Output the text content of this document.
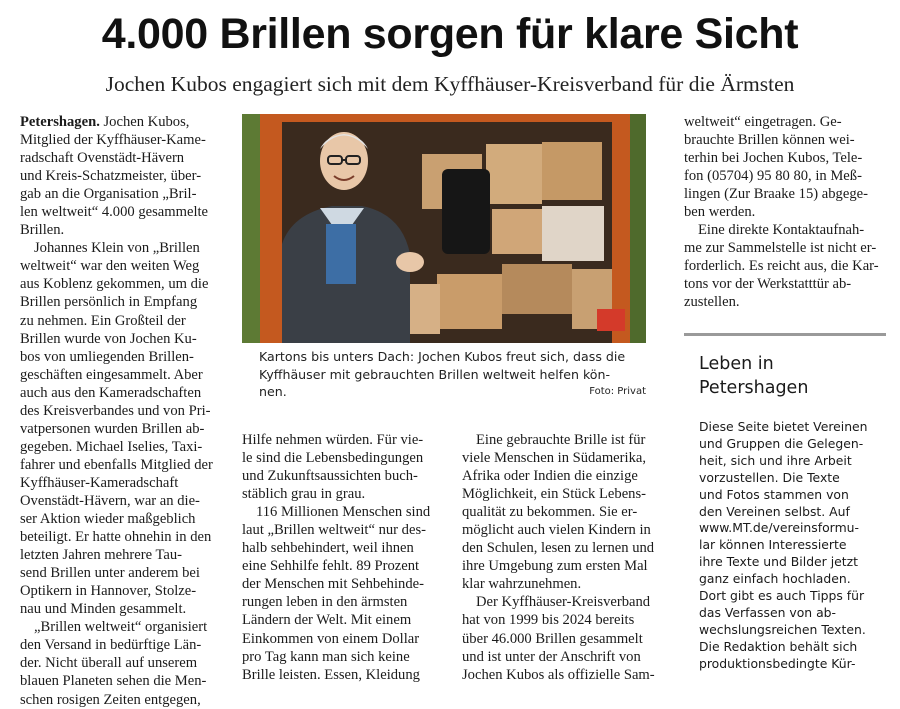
4.000 Brillen sorgen für klare Sicht
Jochen Kubos engagiert sich mit dem Kyffhäuser-Kreisverband für die Ärmsten

Petershagen. Jochen Kubos,
Mitglied der Kyffhäuser-Kame-
radschaft Ovenstädt-Hävern
und Kreis-Schatzmeister, über-
gab an die Organisation „Bril-
len weltweit“ 4.000 gesammelte
Brillen.

Johannes Klein von „Brillen
weltweit“ war den weiten Weg
aus Koblenz gekommen, um die
Brillen persönlich in Empfang
zu nehmen. Ein Großteil der
Brillen wurde von Jochen Ku-
bos von umliegenden Brillen-
geschäften eingesammelt. Aber
auch aus den Kameradschaften
des Kreisverbandes und von Pri-
vatpersonen wurden Brillen ab-
gegeben. Michael Iselies, Taxi-
fahrer und ebenfalls Mitglied der
Kyffhäuser-Kameradschaft
Ovenstädt-Hävern, war an die-
ser Aktion wieder maßgeblich
beteiligt. Er hatte ohnehin in den
letzten Jahren mehrere Tau-
send Brillen unter anderem bei
Optikern in Hannover, Stolze-
nau und Minden gesammelt.

„Brillen weltweit“ organisiert
den Versand in bedürftige Län-
der. Nicht überall auf unserem
blauen Planeten sehen die Men-
schen rosigen Zeiten entgegen,

Kartons bis unters Dach: Jochen Kubos freut sich, dass die
Kyffhäuser mit gebrauchten Brillen weltweit helfen kön-
nen.	Foto: Privat

Hilfe nehmen würden. Für vie-
le sind die Lebensbedingungen
und Zukunftsaussichten buch-
stäblich grau in grau.

116 Millionen Menschen sind
laut „Brillen weltweit“ nur des-
halb sehbehindert, weil ihnen
eine Sehhilfe fehlt. 89 Prozent
der Menschen mit Sehbehinde-
rungen leben in den ärmsten
Ländern der Welt. Mit einem
Einkommen von einem Dollar
pro Tag kann man sich keine
Brille leisten. Essen, Kleidung

Eine gebrauchte Brille ist für
viele Menschen in Südamerika,
Afrika oder Indien die einzige
Möglichkeit, ein Stück Lebens-
qualität zu bekommen. Sie er-
möglicht auch vielen Kindern in
den Schulen, lesen zu lernen und
ihre Umgebung zum ersten Mal
klar wahrzunehmen.

Der Kyffhäuser-Kreisverband
hat von 1999 bis 2024 bereits
über 46.000 Brillen gesammelt
und ist unter der Anschrift von
Jochen Kubos als offizielle Sam-

weltweit“ eingetragen. Ge-
brauchte Brillen können wei-
terhin bei Jochen Kubos, Tele-
fon (05704) 95 80 80, in Meß-
lingen (Zur Braake 15) abgege-
ben werden.

Eine direkte Kontaktaufnah-
me zur Sammelstelle ist nicht er-
forderlich. Es reicht aus, die Kar-
tons vor der Werkstatttür ab-
zustellen.

Leben in
Petershagen
Diese Seite bietet Vereinen
und Gruppen die Gelegen-
heit, sich und ihre Arbeit
vorzustellen. Die Texte
und Fotos stammen von
den Vereinen selbst. Auf
www.MT.de/vereinsformu-
lar können Interessierte
ihre Texte und Bilder jetzt
ganz einfach hochladen.
Dort gibt es auch Tipps für
das Verfassen von ab-
wechslungsreichen Texten.
Die Redaktion behält sich
produktionsbedingte Kür-
